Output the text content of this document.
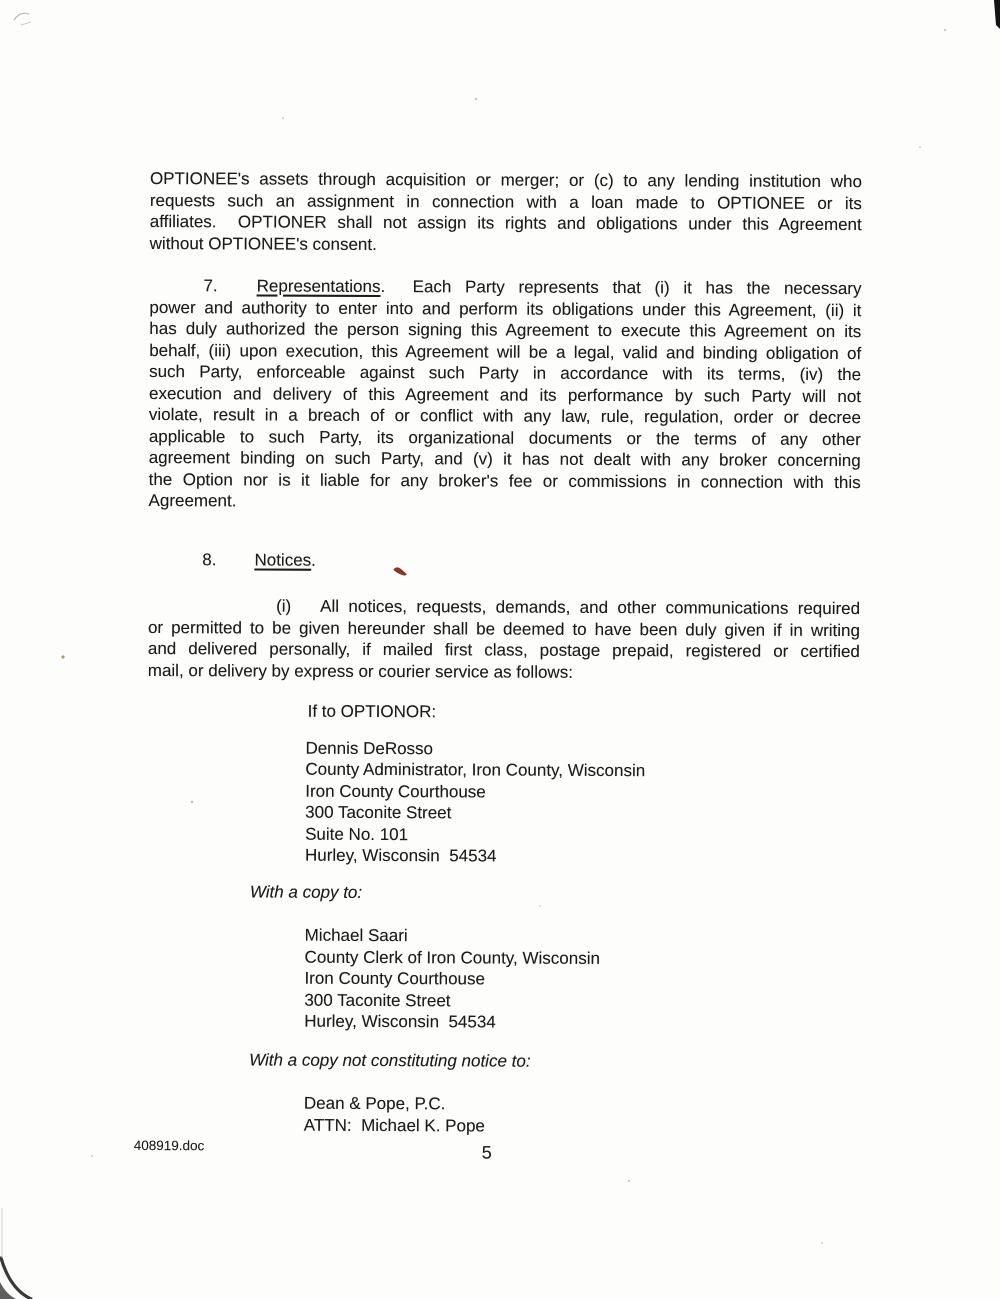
OPTIONEE's assets through acquisition or merger; or (c) to any lending institution who
requests such an assignment in connection with a loan made to OPTIONEE or its
affiliates.  OPTIONER shall not assign its rights and obligations under this Agreement
without OPTIONEE's consent.
7. Representations.  Each Party represents that (i) it has the necessary
power and authority to enter into and perform its obligations under this Agreement, (ii) it
has duly authorized the person signing this Agreement to execute this Agreement on its
behalf, (iii) upon execution, this Agreement will be a legal, valid and binding obligation of
such Party, enforceable against such Party in accordance with its terms, (iv) the
execution and delivery of this Agreement and its performance by such Party will not
violate, result in a breach of or conflict with any law, rule, regulation, order or decree
applicable to such Party, its organizational documents or the terms of any other
agreement binding on such Party, and (v) it has not dealt with any broker concerning
the Option nor is it liable for any broker's fee or commissions in connection with this
Agreement.
8. Notices.
(i) All notices, requests, demands, and other communications required
or permitted to be given hereunder shall be deemed to have been duly given if in writing
and delivered personally, if mailed first class, postage prepaid, registered or certified
mail, or delivery by express or courier service as follows:
If to OPTIONOR:
Dennis DeRosso
County Administrator, Iron County, Wisconsin
Iron County Courthouse
300 Taconite Street
Suite No. 101
Hurley, Wisconsin  54534
With a copy to:
Michael Saari
County Clerk of Iron County, Wisconsin
Iron County Courthouse
300 Taconite Street
Hurley, Wisconsin  54534
With a copy not constituting notice to:
Dean & Pope, P.C.
ATTN:  Michael K. Pope
408919.doc	5
